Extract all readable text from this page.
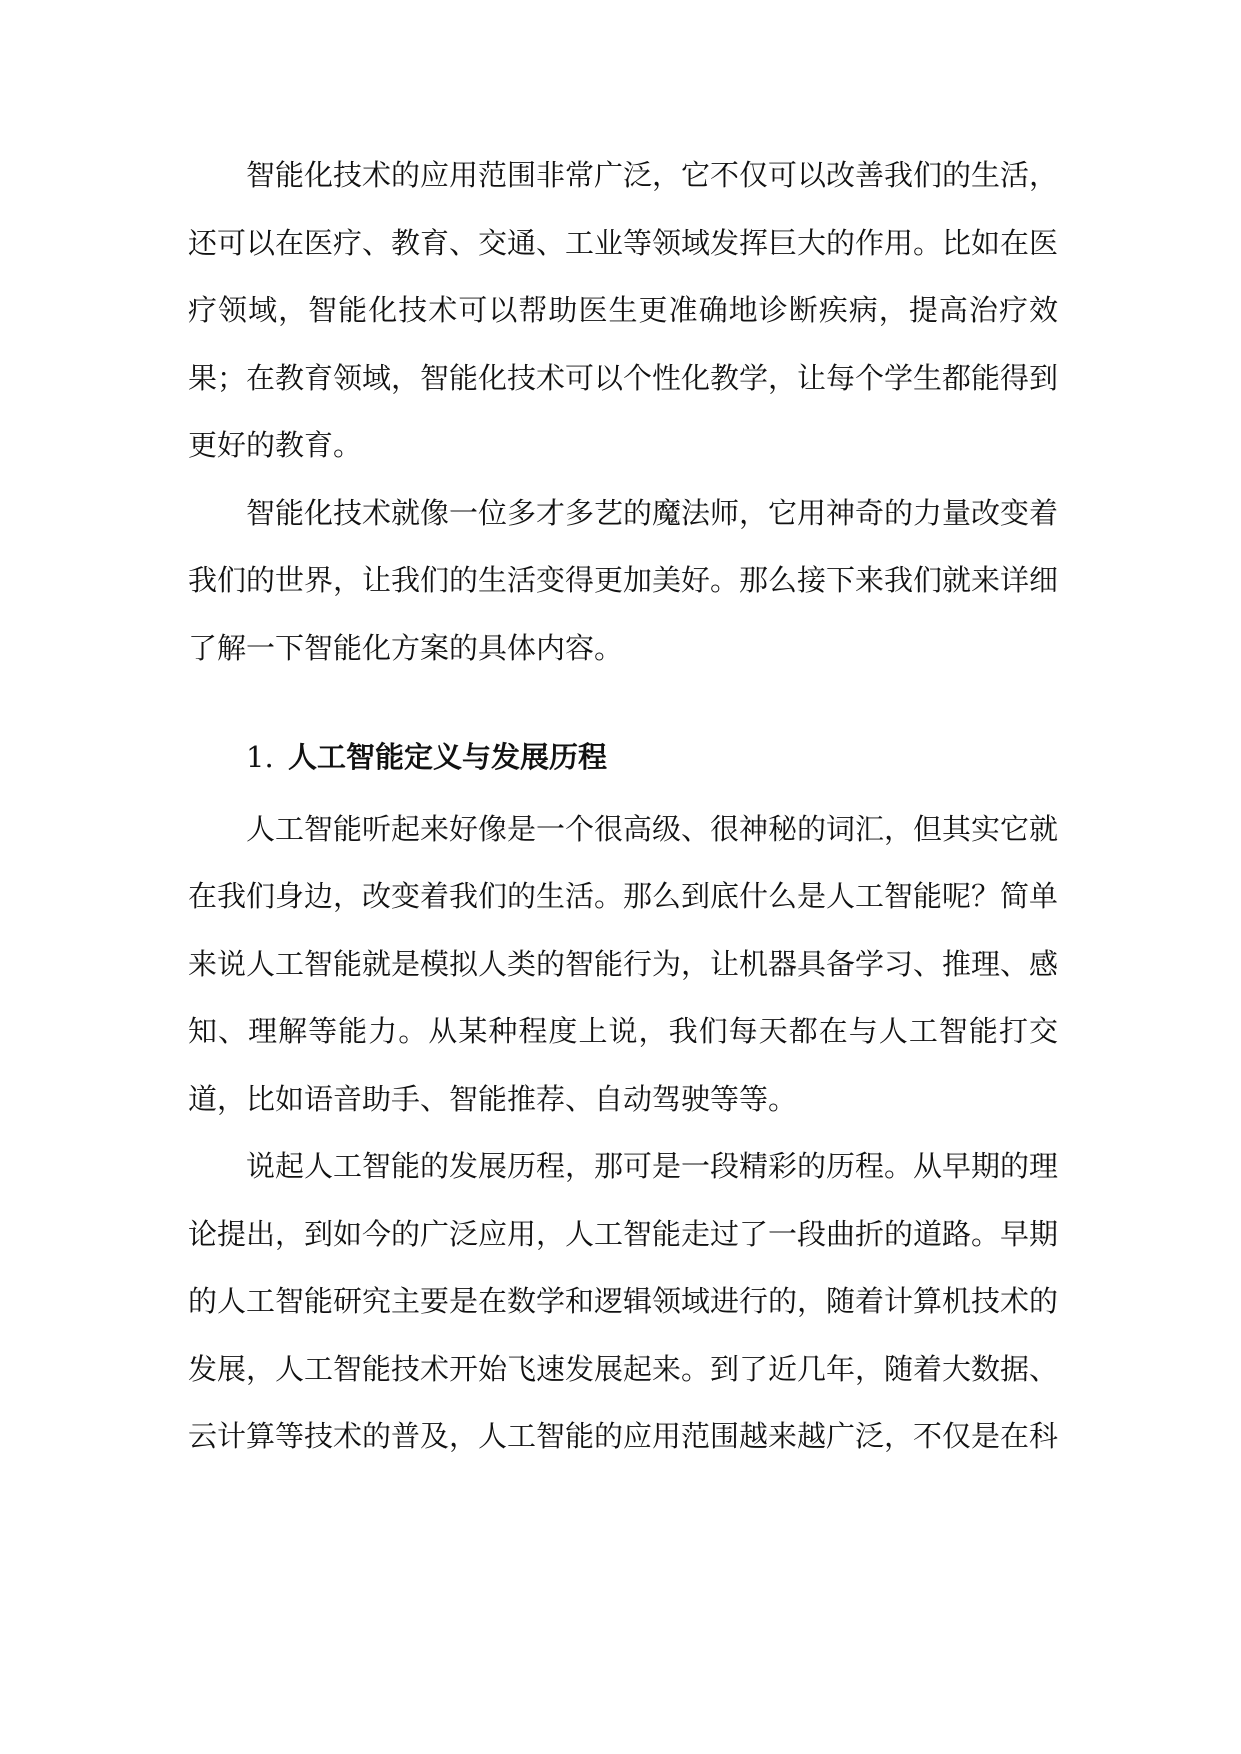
智能化技术的应用范围非常广泛，它不仅可以改善我们的生活，还可以在医疗、教育、交通、工业等领域发挥巨大的作用。比如在医疗领域，智能化技术可以帮助医生更准确地诊断疾病，提高治疗效果；在教育领域，智能化技术可以个性化教学，让每个学生都能得到更好的教育。

智能化技术就像一位多才多艺的魔法师，它用神奇的力量改变着我们的世界，让我们的生活变得更加美好。那么接下来我们就来详细了解一下智能化方案的具体内容。

1. 人工智能定义与发展历程

人工智能听起来好像是一个很高级、很神秘的词汇，但其实它就在我们身边，改变着我们的生活。那么到底什么是人工智能呢？简单来说人工智能就是模拟人类的智能行为，让机器具备学习、推理、感知、理解等能力。从某种程度上说，我们每天都在与人工智能打交道，比如语音助手、智能推荐、自动驾驶等等。

说起人工智能的发展历程，那可是一段精彩的历程。从早期的理论提出，到如今的广泛应用，人工智能走过了一段曲折的道路。早期的人工智能研究主要是在数学和逻辑领域进行的，随着计算机技术的发展，人工智能技术开始飞速发展起来。到了近几年，随着大数据、云计算等技术的普及，人工智能的应用范围越来越广泛，不仅是在科
